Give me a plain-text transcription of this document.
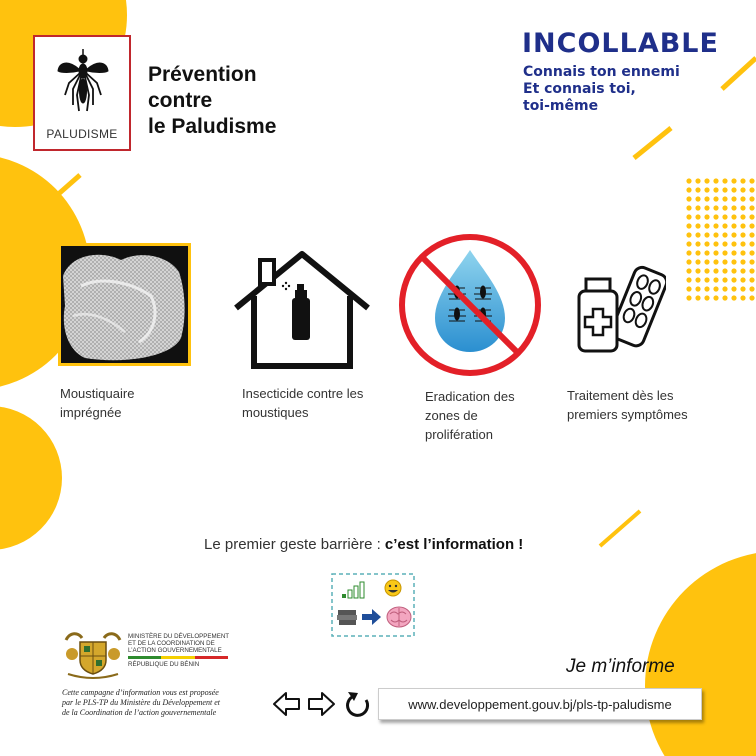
PALUDISME
Prévention
contre
le Paludisme
INCOLLABLE
Connais ton ennemi
Et connais toi,
toi-même
Moustiquaire
imprégnée
Insecticide contre les
moustiques
Eradication des
zones de
prolifération
Traitement dès les
premiers symptômes
Le premier geste barrière : c’est l’information !
MINISTÈRE DU DÉVELOPPEMENT
ET DE LA COORDINATION DE
L’ACTION GOUVERNEMENTALE
RÉPUBLIQUE DU BÉNIN
Cette campagne d’information vous est proposée
par le PLS-TP du Ministère du Développement et
de la Coordination de l’action gouvernementale
Je m’informe
www.developpement.gouv.bj/pls-tp-paludisme
